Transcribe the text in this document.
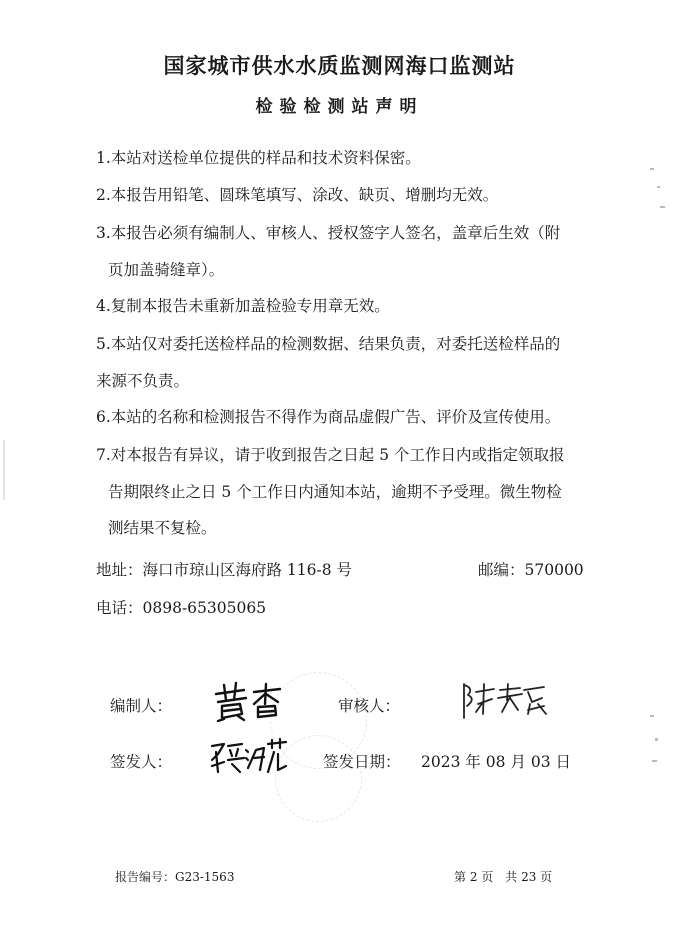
国家城市供水水质监测网海口监测站
检验检测站声明
1.本站对送检单位提供的样品和技术资料保密。
2.本报告用铅笔、圆珠笔填写、涂改、缺页、增删均无效。
3.本报告必须有编制人、审核人、授权签字人签名，盖章后生效（附
页加盖骑缝章）。
4.复制本报告未重新加盖检验专用章无效。
5.本站仅对委托送检样品的检测数据、结果负责，对委托送检样品的
来源不负责。
6.本站的名称和检测报告不得作为商品虚假广告、评价及宣传使用。
7.对本报告有异议，请于收到报告之日起 5 个工作日内或指定领取报
告期限终止之日 5 个工作日内通知本站，逾期不予受理。微生物检
测结果不复检。
地址：海口市琼山区海府路 116-8 号	邮编：570000
电话：0898-65305065
编制人：	审核人：
签发人：	签发日期： 2023 年 08 月 03 日
报告编号：G23-1563	第 2 页　共 23 页
